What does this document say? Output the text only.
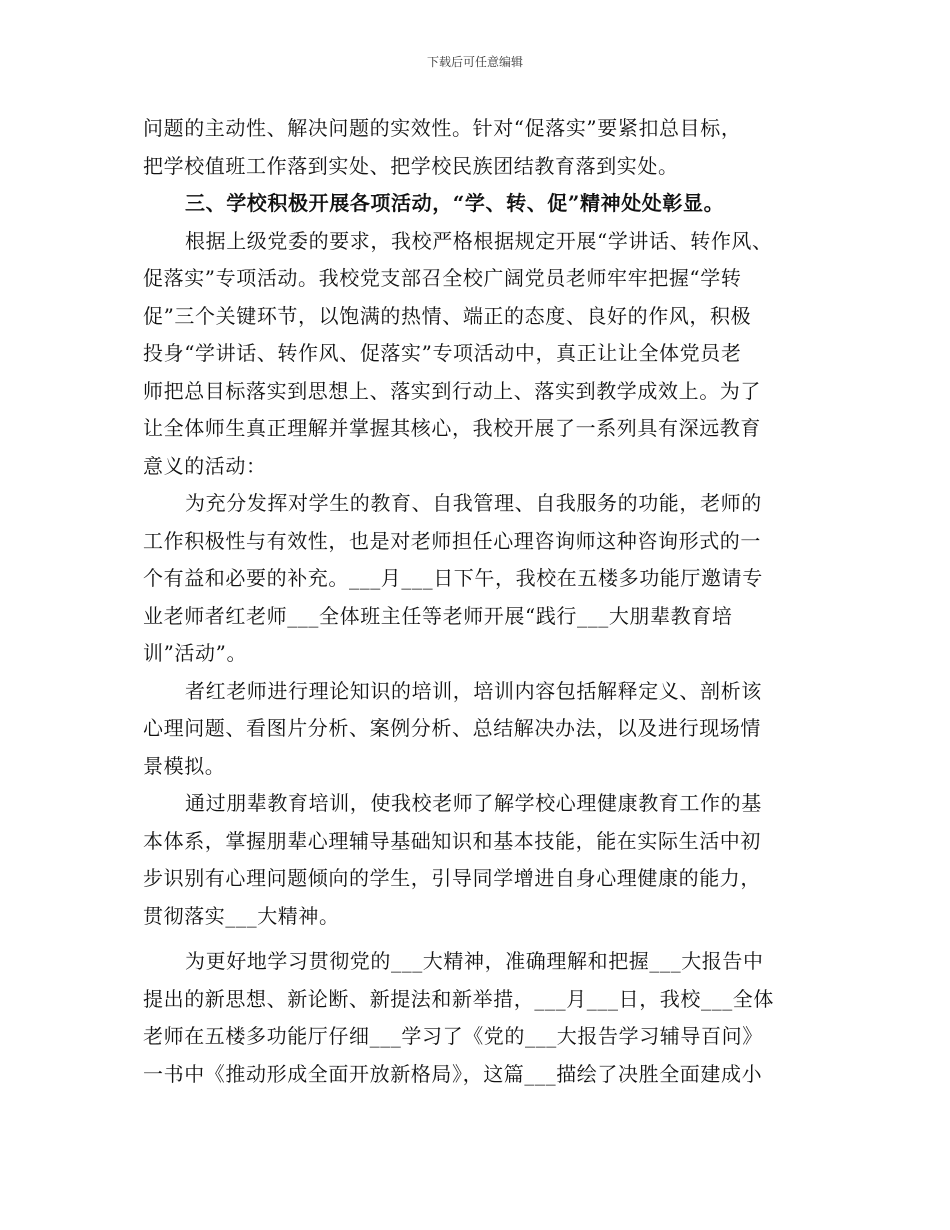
下载后可任意编辑
问题的主动性、解决问题的实效性。针对“促落实”要紧扣总目标，
把学校值班工作落到实处、把学校民族团结教育落到实处。
三、学校积极开展各项活动，“学、转、促”精神处处彰显。
根据上级党委的要求，我校严格根据规定开展“学讲话、转作风、
促落实”专项活动。我校党支部召全校广阔党员老师牢牢把握“学转
促”三个关键环节，以饱满的热情、端正的态度、良好的作风，积极
投身“学讲话、转作风、促落实”专项活动中，真正让让全体党员老
师把总目标落实到思想上、落实到行动上、落实到教学成效上。为了
让全体师生真正理解并掌握其核心，我校开展了一系列具有深远教育
意义的活动：
为充分发挥对学生的教育、自我管理、自我服务的功能，老师的
工作积极性与有效性，也是对老师担任心理咨询师这种咨询形式的一
个有益和必要的补充。___月___日下午，我校在五楼多功能厅邀请专
业老师者红老师___全体班主任等老师开展“践行___大朋辈教育培
训”活动”。
者红老师进行理论知识的培训，培训内容包括解释定义、剖析该
心理问题、看图片分析、案例分析、总结解决办法，以及进行现场情
景模拟。
通过朋辈教育培训，使我校老师了解学校心理健康教育工作的基
本体系，掌握朋辈心理辅导基础知识和基本技能，能在实际生活中初
步识别有心理问题倾向的学生，引导同学增进自身心理健康的能力，
贯彻落实___大精神。
为更好地学习贯彻党的___大精神，准确理解和把握___大报告中
提出的新思想、新论断、新提法和新举措，___月___日，我校___全体
老师在五楼多功能厅仔细___学习了《党的___大报告学习辅导百问》
一书中《推动形成全面开放新格局》，这篇___描绘了决胜全面建成小
